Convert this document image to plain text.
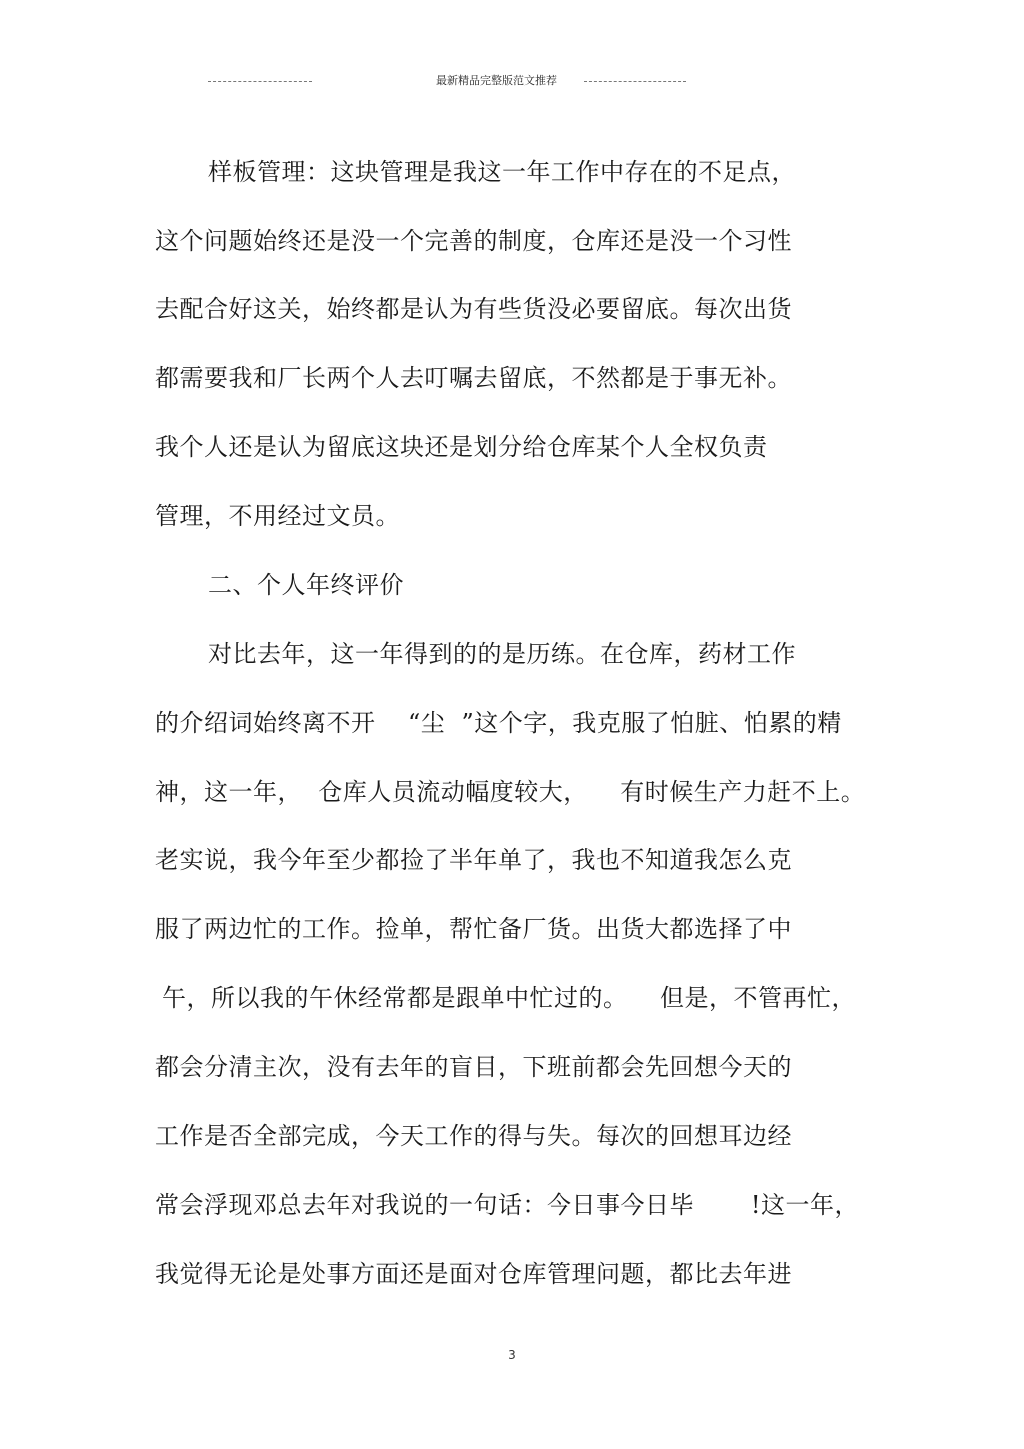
最新精品完整版范文推荐
样板管理：这块管理是我这一年工作中存在的不足点，
这个问题始终还是没一个完善的制度，仓库还是没一个习性
去配合好这关，始终都是认为有些货没必要留底。每次出货
都需要我和厂长两个人去叮嘱去留底，不然都是于事无补。
我个人还是认为留底这块还是划分给仓库某个人全权负责
管理，不用经过文员。
二、个人年终评价
对比去年，这一年得到的的是历练。在仓库，药材工作
的介绍词始终离不开    “尘  ”这个字，我克服了怕脏、怕累的精
神，这一年，  仓库人员流动幅度较大，    有时候生产力赶不上。
老实说，我今年至少都捡了半年单了，我也不知道我怎么克
服了两边忙的工作。捡单，帮忙备厂货。出货大都选择了中
午，所以我的午休经常都是跟单中忙过的。    但是，不管再忙，
都会分清主次，没有去年的盲目，下班前都会先回想今天的
工作是否全部完成，今天工作的得与失。每次的回想耳边经
常会浮现邓总去年对我说的一句话：今日事今日毕       !这一年，
我觉得无论是处事方面还是面对仓库管理问题，都比去年进
3
